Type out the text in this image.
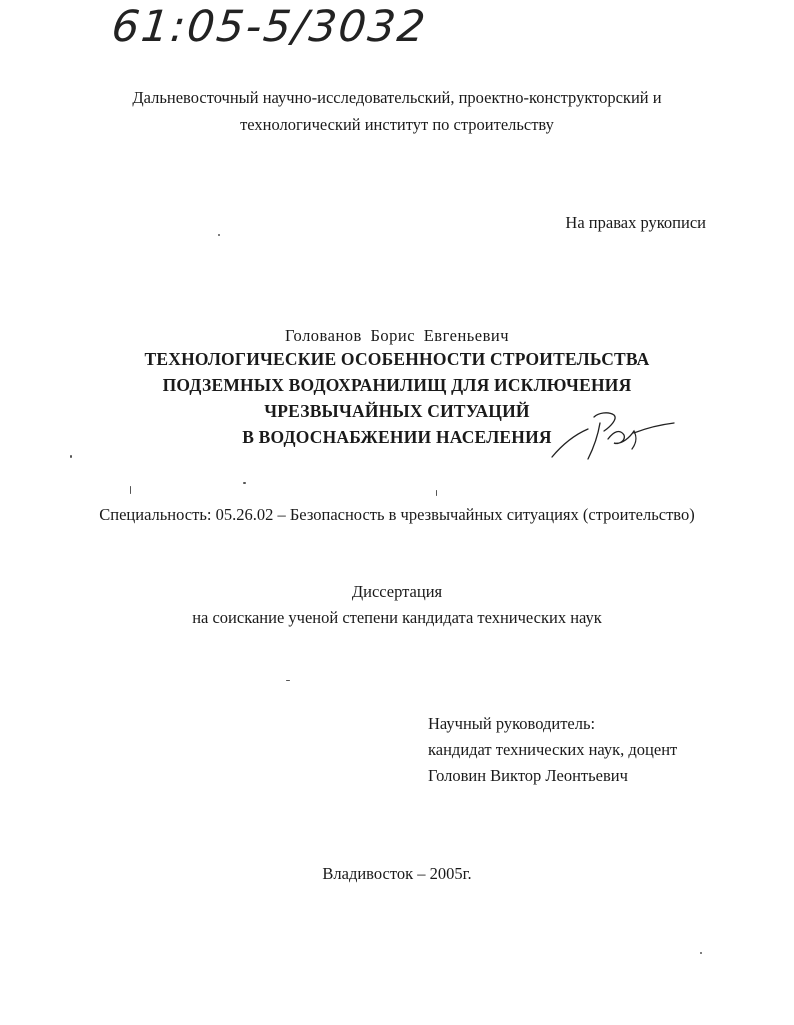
61:05-5/3032
Дальневосточный научно-исследовательский, проектно-конструкторский и
технологический институт по строительству
На правах рукописи
Голованов Борис Евгеньевич
ТЕХНОЛОГИЧЕСКИЕ ОСОБЕННОСТИ СТРОИТЕЛЬСТВА
ПОДЗЕМНЫХ ВОДОХРАНИЛИЩ ДЛЯ ИСКЛЮЧЕНИЯ
ЧРЕЗВЫЧАЙНЫХ СИТУАЦИЙ
В ВОДОСНАБЖЕНИИ НАСЕЛЕНИЯ
Специальность: 05.26.02 – Безопасность в чрезвычайных ситуациях (строительство)
Диссертация
на соискание ученой степени кандидата технических наук
Научный руководитель:
кандидат технических наук, доцент
Головин Виктор Леонтьевич
Владивосток – 2005г.
